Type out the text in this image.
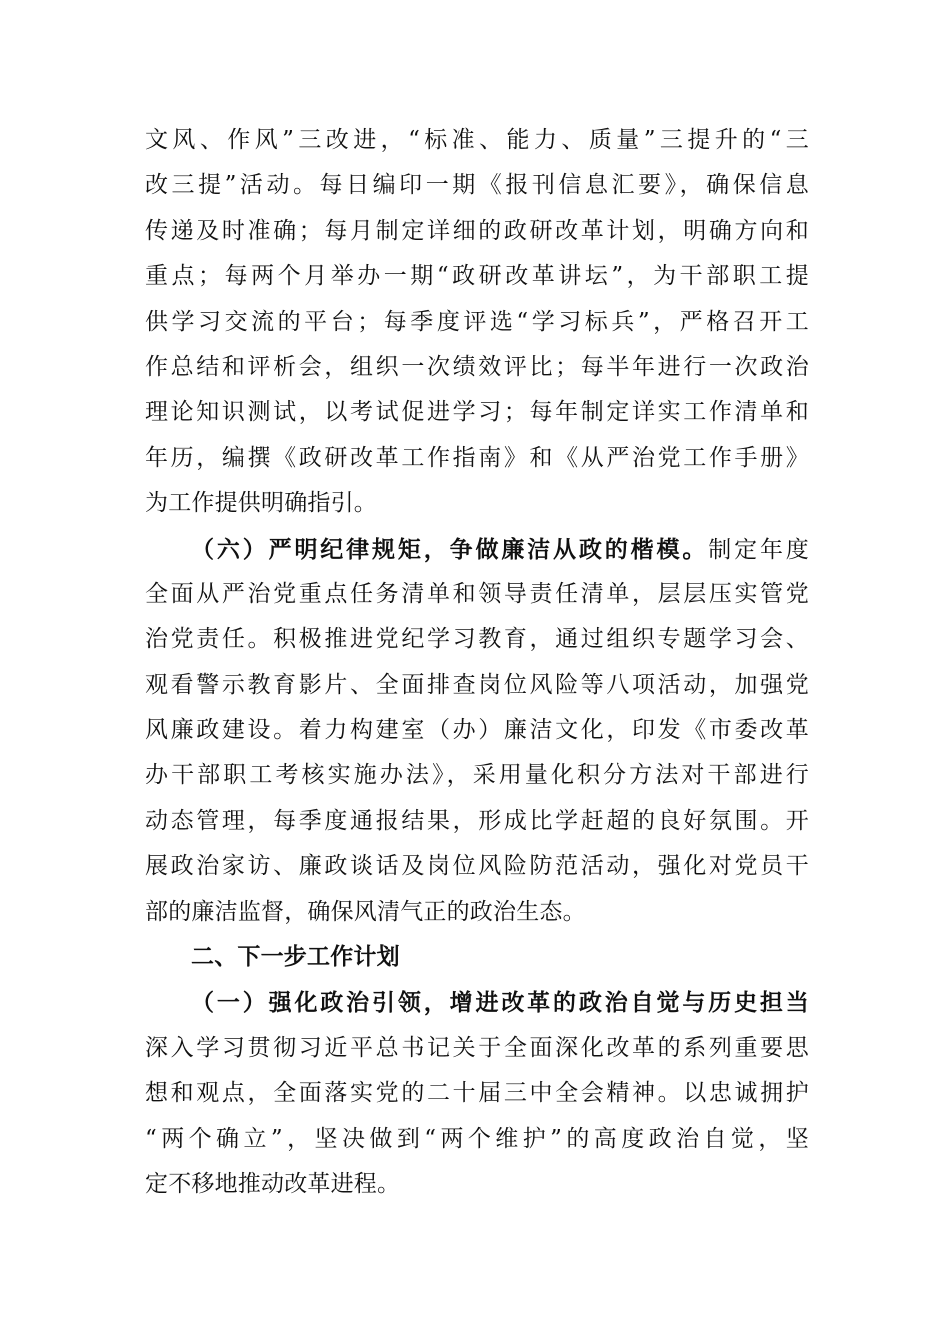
文风、作风”三改进，“标准、能力、质量”三提升的“三
改三提”活动。每日编印一期《报刊信息汇要》，确保信息
传递及时准确；每月制定详细的政研改革计划，明确方向和
重点；每两个月举办一期“政研改革讲坛”，为干部职工提
供学习交流的平台；每季度评选“学习标兵”，严格召开工
作总结和评析会，组织一次绩效评比；每半年进行一次政治
理论知识测试，以考试促进学习；每年制定详实工作清单和
年历，编撰《政研改革工作指南》和《从严治党工作手册》
为工作提供明确指引。
（六）严明纪律规矩，争做廉洁从政的楷模。制定年度
全面从严治党重点任务清单和领导责任清单，层层压实管党
治党责任。积极推进党纪学习教育，通过组织专题学习会、
观看警示教育影片、全面排查岗位风险等八项活动，加强党
风廉政建设。着力构建室（办）廉洁文化，印发《市委改革
办干部职工考核实施办法》，采用量化积分方法对干部进行
动态管理，每季度通报结果，形成比学赶超的良好氛围。开
展政治家访、廉政谈话及岗位风险防范活动，强化对党员干
部的廉洁监督，确保风清气正的政治生态。
二、下一步工作计划
（一）强化政治引领，增进改革的政治自觉与历史担当
深入学习贯彻习近平总书记关于全面深化改革的系列重要思
想和观点，全面落实党的二十届三中全会精神。以忠诚拥护
“两个确立”，坚决做到“两个维护”的高度政治自觉，坚
定不移地推动改革进程。
